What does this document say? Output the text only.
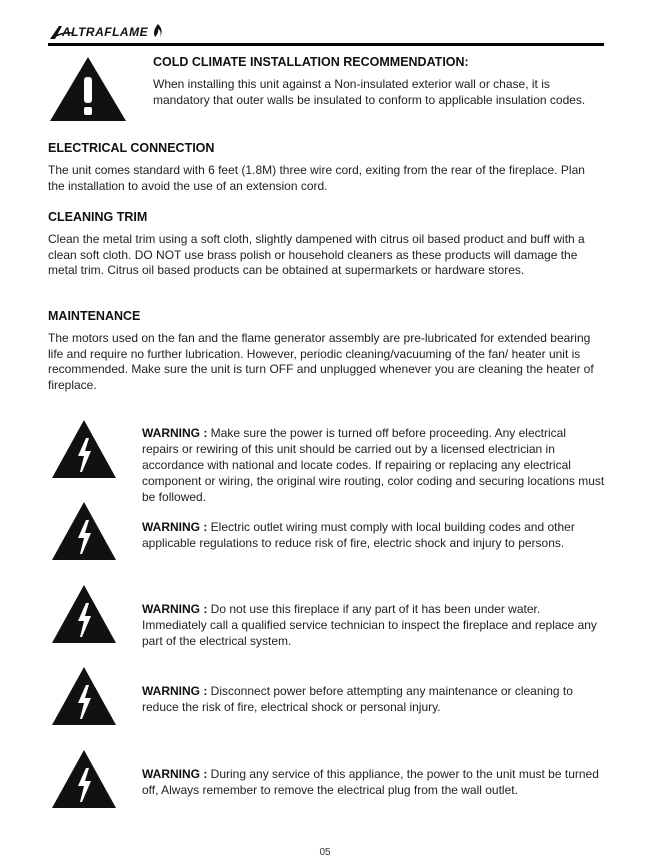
ALTRAFLAME
COLD CLIMATE INSTALLATION RECOMMENDATION:
When installing this unit against a Non-insulated exterior wall or chase, it is mandatory that outer walls be insulated to conform to applicable insulation codes.
ELECTRICAL CONNECTION

The unit comes standard with 6 feet (1.8M) three wire cord, exiting from the rear of the fireplace. Plan the installation to avoid the use of an extension cord.

CLEANING TRIM

Clean the metal trim using a soft cloth, slightly dampened with citrus oil based product and buff with a clean soft cloth. DO NOT use brass polish or household cleaners as these products will damage the metal trim. Citrus oil based products can be obtained at supermarkets or hardware stores.

MAINTENANCE

The motors used on the fan and the flame generator assembly are pre-lubricated for extended bearing life and require no further lubrication. However, periodic cleaning/vacuuming of the fan/ heater unit is recommended. Make sure the unit is turn OFF and unplugged whenever you are cleaning the heater of fireplace.

WARNING : Make sure the power is turned off before proceeding. Any electrical repairs or rewiring of this unit should be carried out by a licensed electrician in accordance with national and locate codes. If repairing or replacing any electrical component or wiring, the original wire routing, color coding and securing locations must be followed.

WARNING : Electric outlet wiring must comply with local building codes and other applicable regulations to reduce risk of fire, electric shock and injury to persons.

WARNING : Do not use this fireplace if any part of it has been under water. Immediately call a qualified service technician to inspect the fireplace and replace any part of the electrical system.

WARNING : Disconnect power before attempting any maintenance or cleaning to reduce the risk of fire, electrical shock or personal injury.

WARNING : During any service of this appliance, the power to the unit must be turned off, Always remember to remove the electrical plug from the wall outlet.

05
